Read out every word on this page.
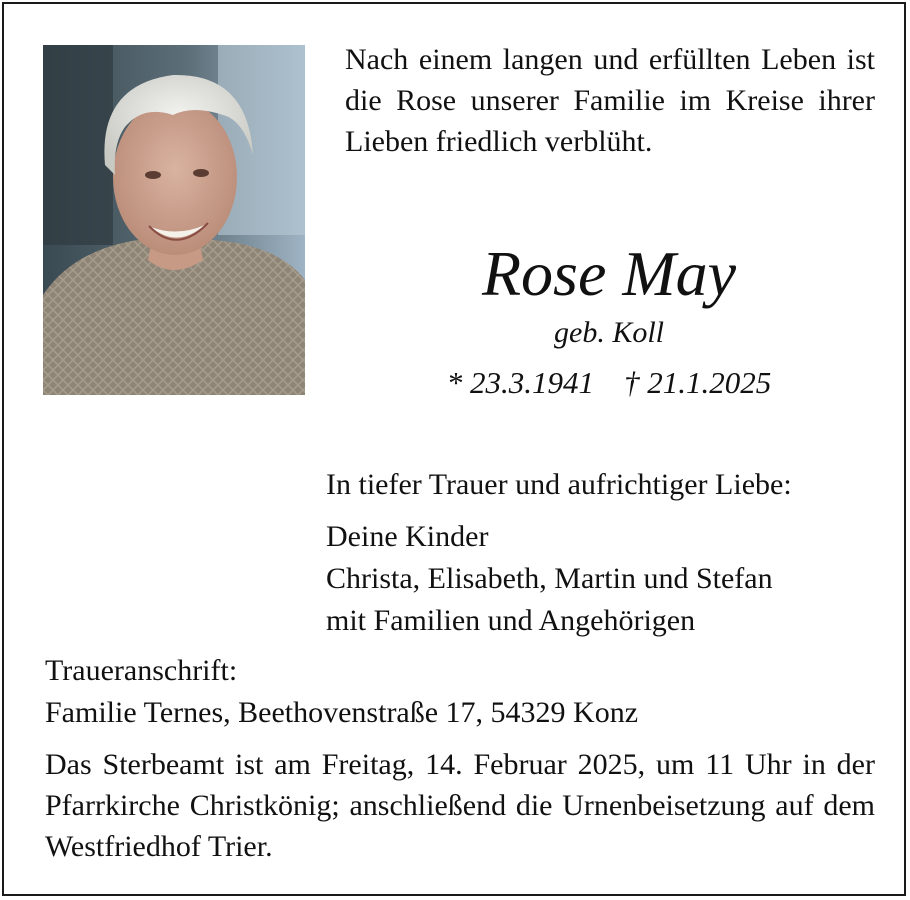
Nach einem langen und erfüllten Leben ist die Rose unserer Familie im Kreise ihrer Lieben friedlich verblüht.

Rose May

geb. Koll

* 23.3.1941 † 21.1.2025

In tiefer Trauer und aufrichtiger Liebe:

Deine Kinder
Christa, Elisabeth, Martin und Stefan
mit Familien und Angehörigen
Traueranschrift:
Familie Ternes, Beethovenstraße 17, 54329 Konz

Das Sterbeamt ist am Freitag, 14. Februar 2025, um 11 Uhr in der Pfarrkirche Christkönig; anschließend die Urnenbeisetzung auf dem Westfriedhof Trier.
